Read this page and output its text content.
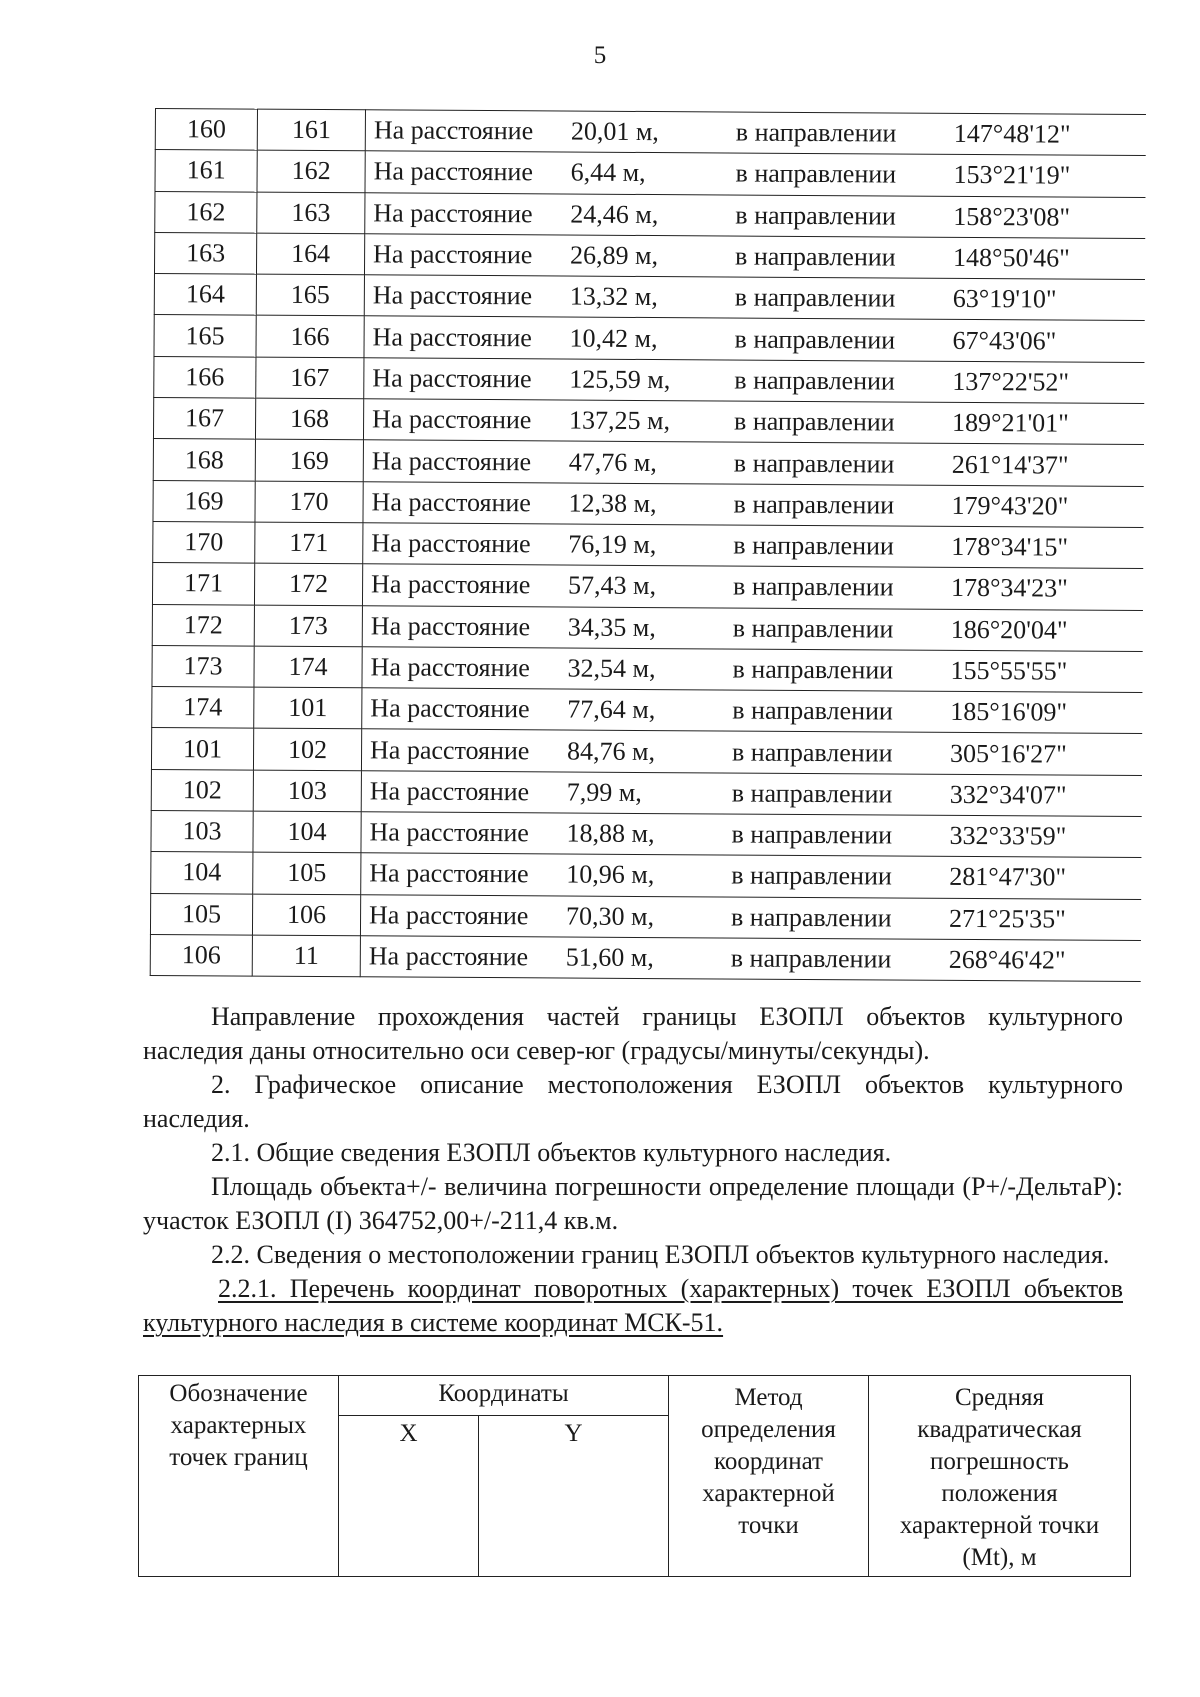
5
160	161	На расстояние 20,01 м, в направлении 147°48'12"
161	162	На расстояние 6,44 м, в направлении 153°21'19"
162	163	На расстояние 24,46 м, в направлении 158°23'08"
163	164	На расстояние 26,89 м, в направлении 148°50'46"
164	165	На расстояние 13,32 м, в направлении 63°19'10"
165	166	На расстояние 10,42 м, в направлении 67°43'06"
166	167	На расстояние 125,59 м, в направлении 137°22'52"
167	168	На расстояние 137,25 м, в направлении 189°21'01"
168	169	На расстояние 47,76 м, в направлении 261°14'37"
169	170	На расстояние 12,38 м, в направлении 179°43'20"
170	171	На расстояние 76,19 м, в направлении 178°34'15"
171	172	На расстояние 57,43 м, в направлении 178°34'23"
172	173	На расстояние 34,35 м, в направлении 186°20'04"
173	174	На расстояние 32,54 м, в направлении 155°55'55"
174	101	На расстояние 77,64 м, в направлении 185°16'09"
101	102	На расстояние 84,76 м, в направлении 305°16'27"
102	103	На расстояние 7,99 м, в направлении 332°34'07"
103	104	На расстояние 18,88 м, в направлении 332°33'59"
104	105	На расстояние 10,96 м, в направлении 281°47'30"
105	106	На расстояние 70,30 м, в направлении 271°25'35"
106	11	На расстояние 51,60 м, в направлении 268°46'42"

Направление прохождения частей границы ЕЗОПЛ объектов культурного наследия даны относительно оси север-юг (градусы/минуты/секунды).

2. Графическое описание местоположения ЕЗОПЛ объектов культурного наследия.

2.1. Общие сведения ЕЗОПЛ объектов культурного наследия.

Площадь объекта+/- величина погрешности определение площади (Р+/-ДельтаР): участок ЕЗОПЛ (I) 364752,00+/-211,4 кв.м.

2.2. Сведения о местоположении границ ЕЗОПЛ объектов культурного наследия.

2.2.1. Перечень координат поворотных (характерных) точек ЕЗОПЛ объектов культурного наследия в системе координат МСК-51.

Обозначение характерных точек границ	Координаты		Метод определения координат характерной точки	Средняя квадратическая погрешность положения характерной точки (Mt), м
	X	Y		
